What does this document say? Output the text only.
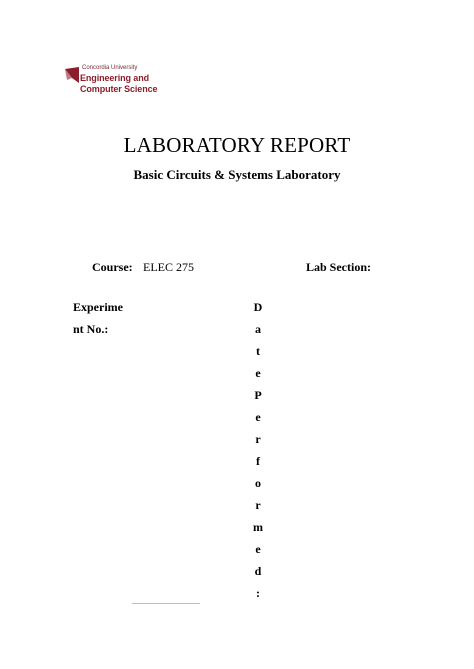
Concordia University
Engineering and
Computer Science
LABORATORY REPORT
Basic Circuits & Systems Laboratory
Course: ELEC 275	Lab Section:
Experime
nt No.:
D
a
t
e
P
e
r
f
o
r
m
e
d
:
